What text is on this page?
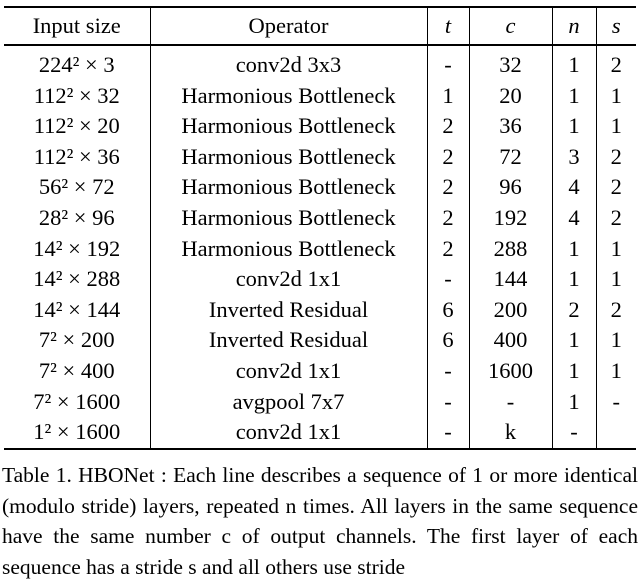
Input size	Operator	t	c	n	s
224² × 3	conv2d 3x3	-	32	1	2
112² × 32	Harmonious Bottleneck	1	20	1	1
112² × 20	Harmonious Bottleneck	2	36	1	1
112² × 36	Harmonious Bottleneck	2	72	3	2
56² × 72	Harmonious Bottleneck	2	96	4	2
28² × 96	Harmonious Bottleneck	2	192	4	2
14² × 192	Harmonious Bottleneck	2	288	1	1
14² × 288	conv2d 1x1	-	144	1	1
14² × 144	Inverted Residual	6	200	2	2
7² × 200	Inverted Residual	6	400	1	1
7² × 400	conv2d 1x1	-	1600	1	1
7² × 1600	avgpool 7x7	-	-	1	-
1² × 1600	conv2d 1x1	-	k	-	
Table 1. HBONet : Each line describes a sequence of 1 or more identical (modulo stride) layers, repeated n times. All layers in the same sequence have the same number c of output channels. The first layer of each sequence has a stride s and all others use stride
